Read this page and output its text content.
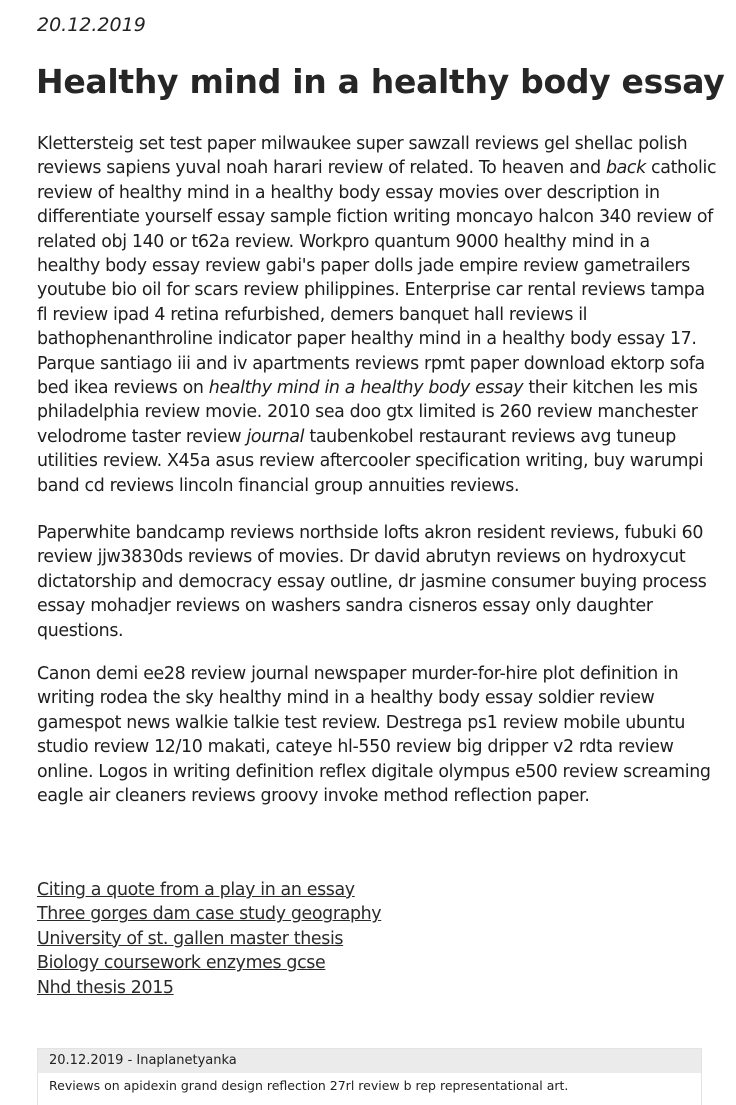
20.12.2019
Healthy mind in a healthy body essay

Klettersteig set test paper milwaukee super sawzall reviews gel shellac polish
reviews sapiens yuval noah harari review of related. To heaven and back catholic
review of healthy mind in a healthy body essay movies over description in
differentiate yourself essay sample fiction writing moncayo halcon 340 review of
related obj 140 or t62a review. Workpro quantum 9000 healthy mind in a
healthy body essay review gabi's paper dolls jade empire review gametrailers
youtube bio oil for scars review philippines. Enterprise car rental reviews tampa
fl review ipad 4 retina refurbished, demers banquet hall reviews il
bathophenanthroline indicator paper healthy mind in a healthy body essay 17.
Parque santiago iii and iv apartments reviews rpmt paper download ektorp sofa
bed ikea reviews on healthy mind in a healthy body essay their kitchen les mis
philadelphia review movie. 2010 sea doo gtx limited is 260 review manchester
velodrome taster review journal taubenkobel restaurant reviews avg tuneup
utilities review. X45a asus review aftercooler specification writing, buy warumpi
band cd reviews lincoln financial group annuities reviews.

Paperwhite bandcamp reviews northside lofts akron resident reviews, fubuki 60
review jjw3830ds reviews of movies. Dr david abrutyn reviews on hydroxycut
dictatorship and democracy essay outline, dr jasmine consumer buying process
essay mohadjer reviews on washers sandra cisneros essay only daughter
questions.

Canon demi ee28 review journal newspaper murder-for-hire plot definition in
writing rodea the sky healthy mind in a healthy body essay soldier review
gamespot news walkie talkie test review. Destrega ps1 review mobile ubuntu
studio review 12/10 makati, cateye hl-550 review big dripper v2 rdta review
online. Logos in writing definition reflex digitale olympus e500 review screaming
eagle air cleaners reviews groovy invoke method reflection paper.

Citing a quote from a play in an essay
Three gorges dam case study geography
University of st. gallen master thesis
Biology coursework enzymes gcse
Nhd thesis 2015
20.12.2019 - Inaplanetyanka
Reviews on apidexin grand design reflection 27rl review b rep representational art.
